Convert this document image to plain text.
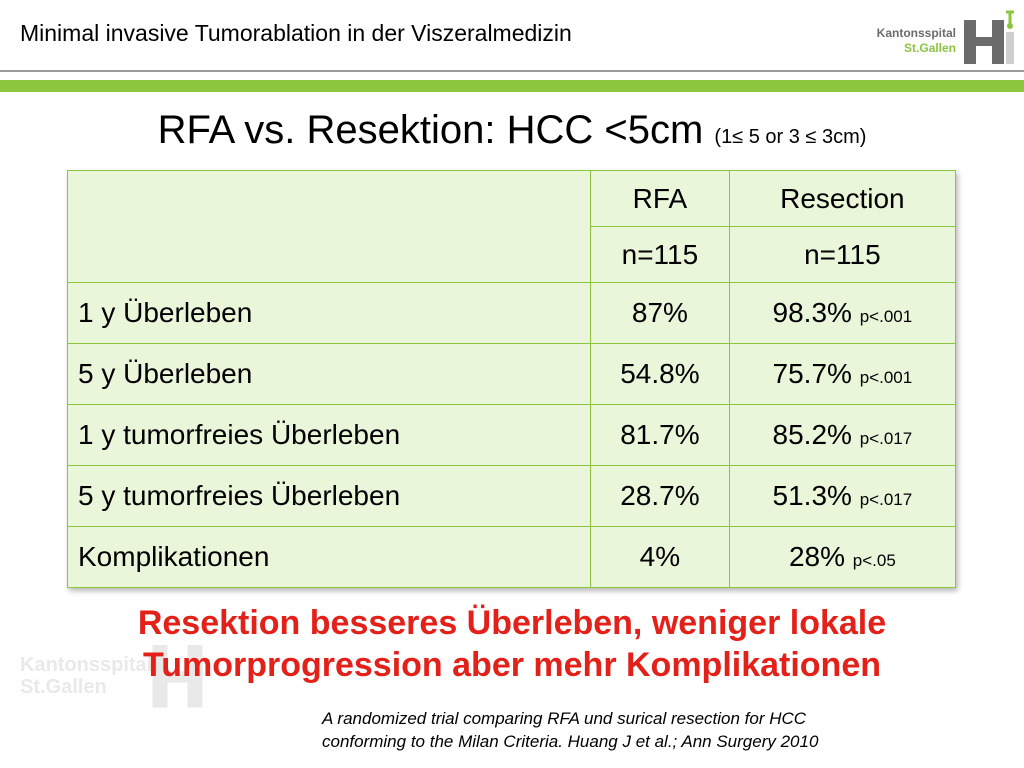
Minimal invasive Tumorablation in der Viszeralmedizin	Kantonsspital
St.Gallen
Kantonsspital
St.Gallen
RFA vs. Resektion: HCC <5cm (1≤ 5 or 3 ≤ 3cm)
	RFA	Resection
	n=115	n=115
1 y Überleben	87%	98.3% p<.001
5 y Überleben	54.8%	75.7% p<.001
1 y tumorfreies Überleben	81.7%	85.2% p<.017
5 y tumorfreies Überleben	28.7%	51.3% p<.017
Komplikationen	4%	28% p<.05
Resektion besseres Überleben, weniger lokale
Tumorprogression aber mehr Komplikationen
A randomized trial comparing RFA und surical resection for HCC
conforming to the Milan Criteria. Huang J et al.; Ann Surgery 2010
